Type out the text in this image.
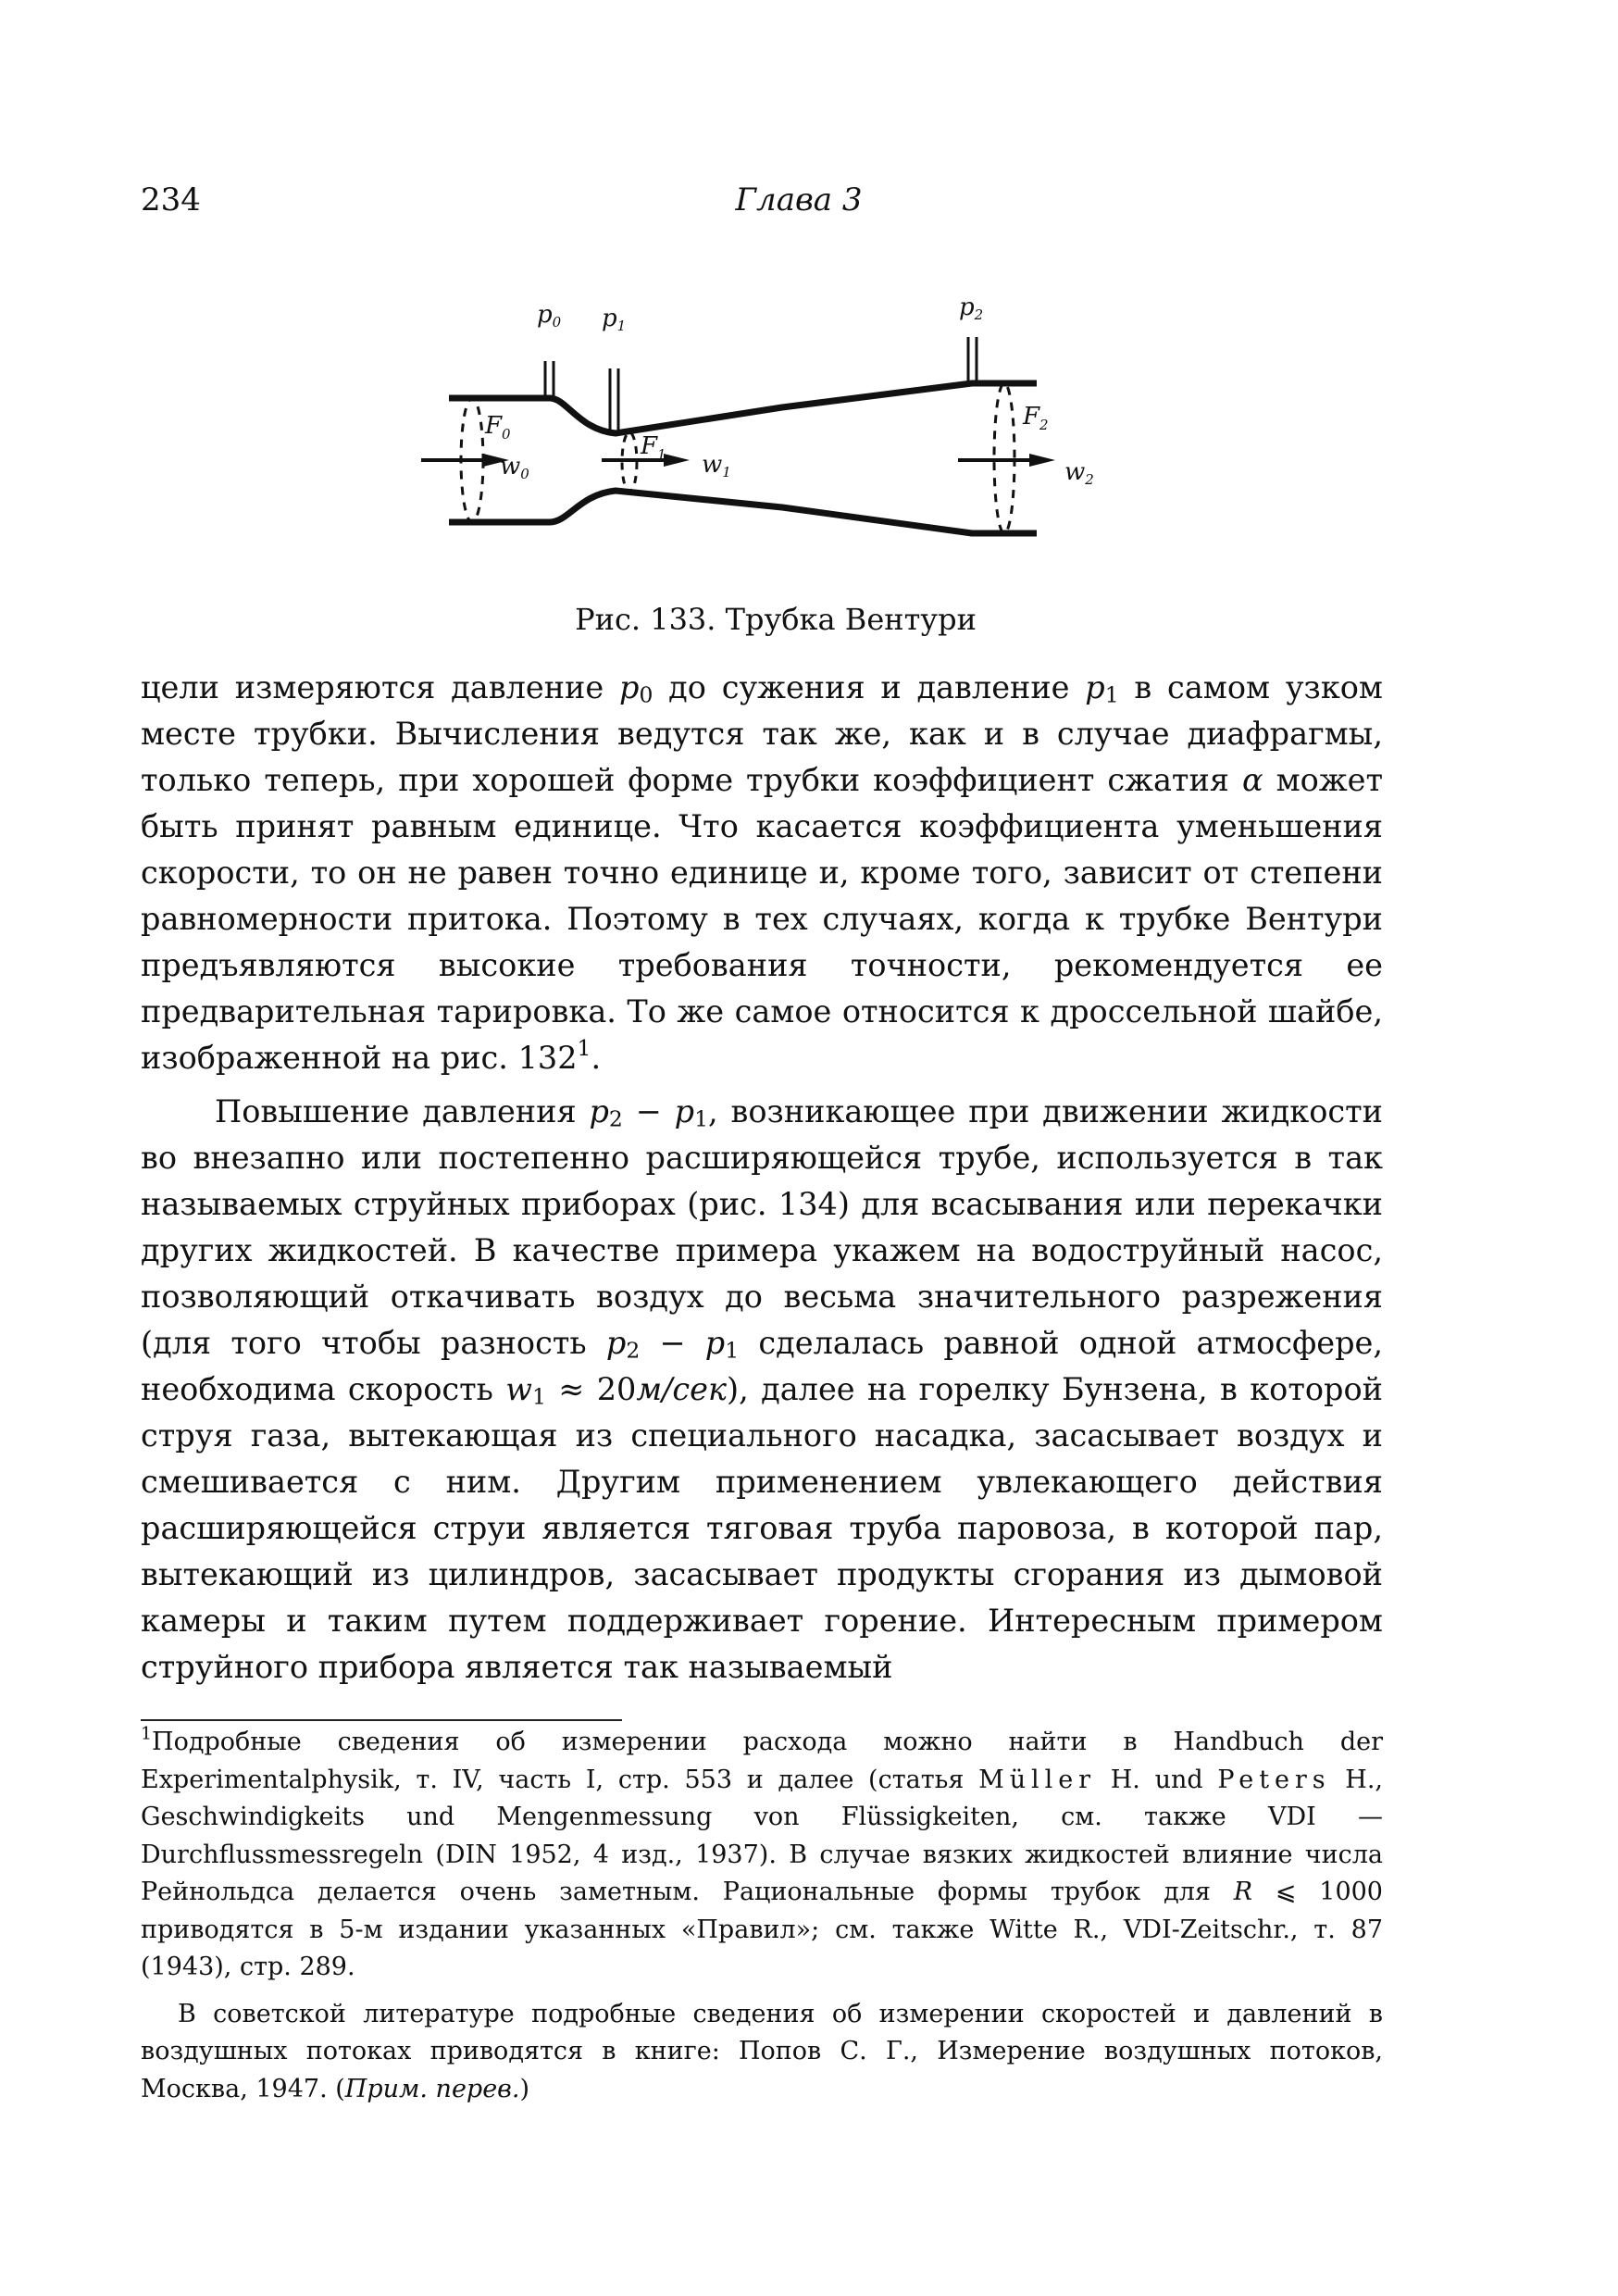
234	Глава 3
p0 p1
p2
$F_0$	$F_1$
$F_2$
w0	w1	w2
Рис. 133. Трубка Вентури

цели измеряются давление $p_0$ до сужения и давление $p_1$ в самом узком месте трубки. Вычисления ведутся так же, как и в случае диафрагмы, только теперь, при хорошей форме трубки коэффициент сжатия α может быть принят равным единице. Что касается коэффициента уменьшения скорости, то он не равен точно единице и, кроме того, зависит от степени равномерности притока. Поэтому в тех случаях, когда к трубке Вентури предъявляются высокие требования точности, рекомендуется ее предварительная тарировка. То же самое относится к дроссельной шайбе, изображенной на рис. $132^1$.

Повышение давления $p_2 - p_1$, возникающее при движении жидкости во внезапно или постепенно расширяющейся трубе, используется в так называемых струйных приборах (рис. 134) для всасывания или перекачки других жидкостей. В качестве примера укажем на водоструйный насос, позволяющий откачивать воздух до весьма значительного разрежения (для того чтобы разность $p_2 - p_1$ сделалась равной одной атмосфере, необходима скорость $w_1 \approx 20м/сек$), далее на горелку Бунзена, в которой струя газа, вытекающая из специального насадка, засасывает воздух и смешивается с ним. Другим применением увлекающего действия расширяющейся струи является тяговая труба паровоза, в которой пар, вытекающий из цилиндров, засасывает продукты сгорания из дымовой камеры и таким путем поддерживает горение. Интересным примером струйного прибора является так называемый

$^1$Подробные сведения об измерении расхода можно найти в Handbuch der Experimentalphysik, т. IV, часть I, стр. 553 и далее (статья Müller H. und Peters H., Geschwindigkeits und Mengenmessung von Flüssigkeiten, см. также VDI — Durchflussmessregeln (DIN 1952, 4 изд., 1937). В случае вязких жидкостей влияние числа Рейнольдса делается очень заметным. Рациональные формы трубок для R ⩽ 1000 приводятся в 5-м издании указанных «Правил»; см. также Witte R., VDI-Zeitschr., т. 87 (1943), стр. 289.

В советской литературе подробные сведения об измерении скоростей и давлений в воздушных потоках приводятся в книге: Попов С. Г., Измерение воздушных потоков, Москва, 1947. (Прим. перев.)
